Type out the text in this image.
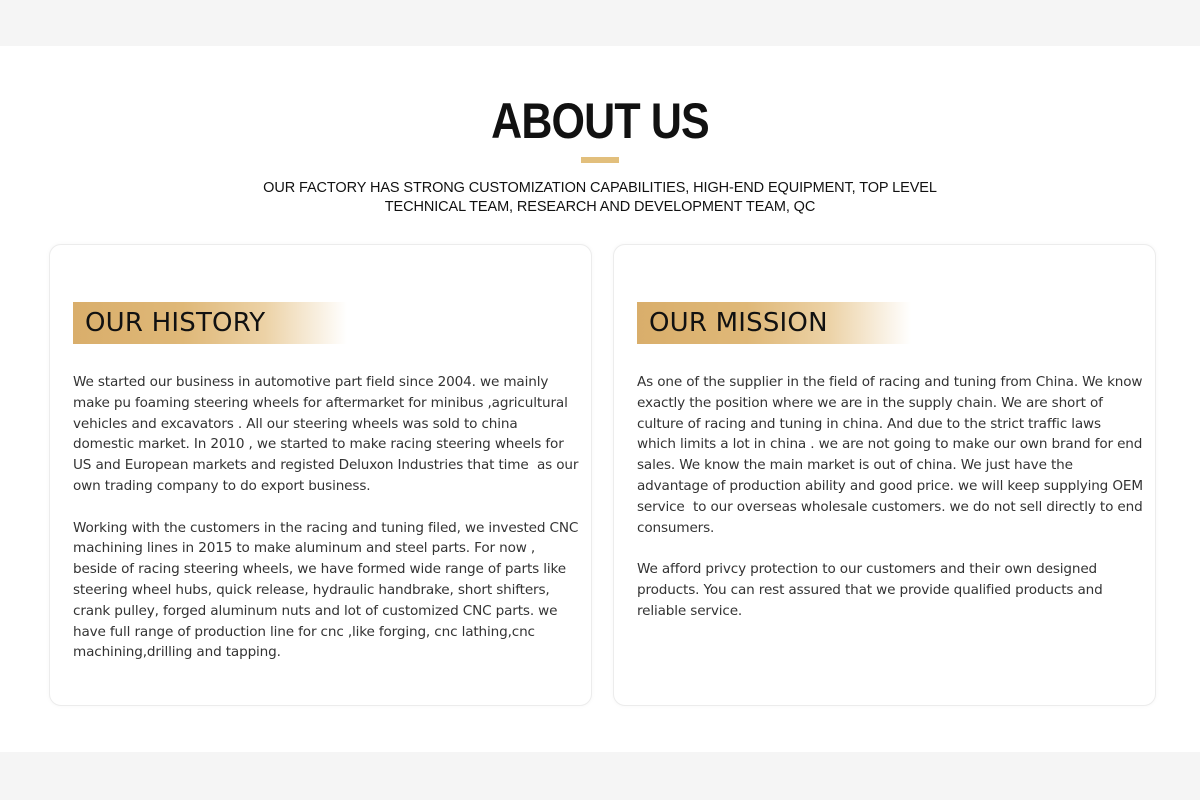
ABOUT US
OUR FACTORY HAS STRONG CUSTOMIZATION CAPABILITIES, HIGH-END EQUIPMENT, TOP LEVEL
TECHNICAL TEAM, RESEARCH AND DEVELOPMENT TEAM, QC
OUR HISTORY

We started our business in automotive part field since 2004. we mainly make pu foaming steering wheels for aftermarket for minibus ,agricultural vehicles and excavators . All our steering wheels was sold to china domestic market. In 2010 , we started to make racing steering wheels for US and European markets and registed Deluxon Industries that time  as our own trading company to do export business.

Working with the customers in the racing and tuning filed, we invested CNC machining lines in 2015 to make aluminum and steel parts. For now , beside of racing steering wheels, we have formed wide range of parts like steering wheel hubs, quick release, hydraulic handbrake, short shifters, crank pulley, forged aluminum nuts and lot of customized CNC parts. we have full range of production line for cnc ,like forging, cnc lathing,cnc machining,drilling and tapping.

OUR MISSION

As one of the supplier in the field of racing and tuning from China. We know exactly the position where we are in the supply chain. We are short of culture of racing and tuning in china. And due to the strict traffic laws which limits a lot in china . we are not going to make our own brand for end sales. We know the main market is out of china. We just have the advantage of production ability and good price. we will keep supplying OEM service  to our overseas wholesale customers. we do not sell directly to end consumers.

We afford privcy protection to our customers and their own designed products. You can rest assured that we provide qualified products and reliable service.
